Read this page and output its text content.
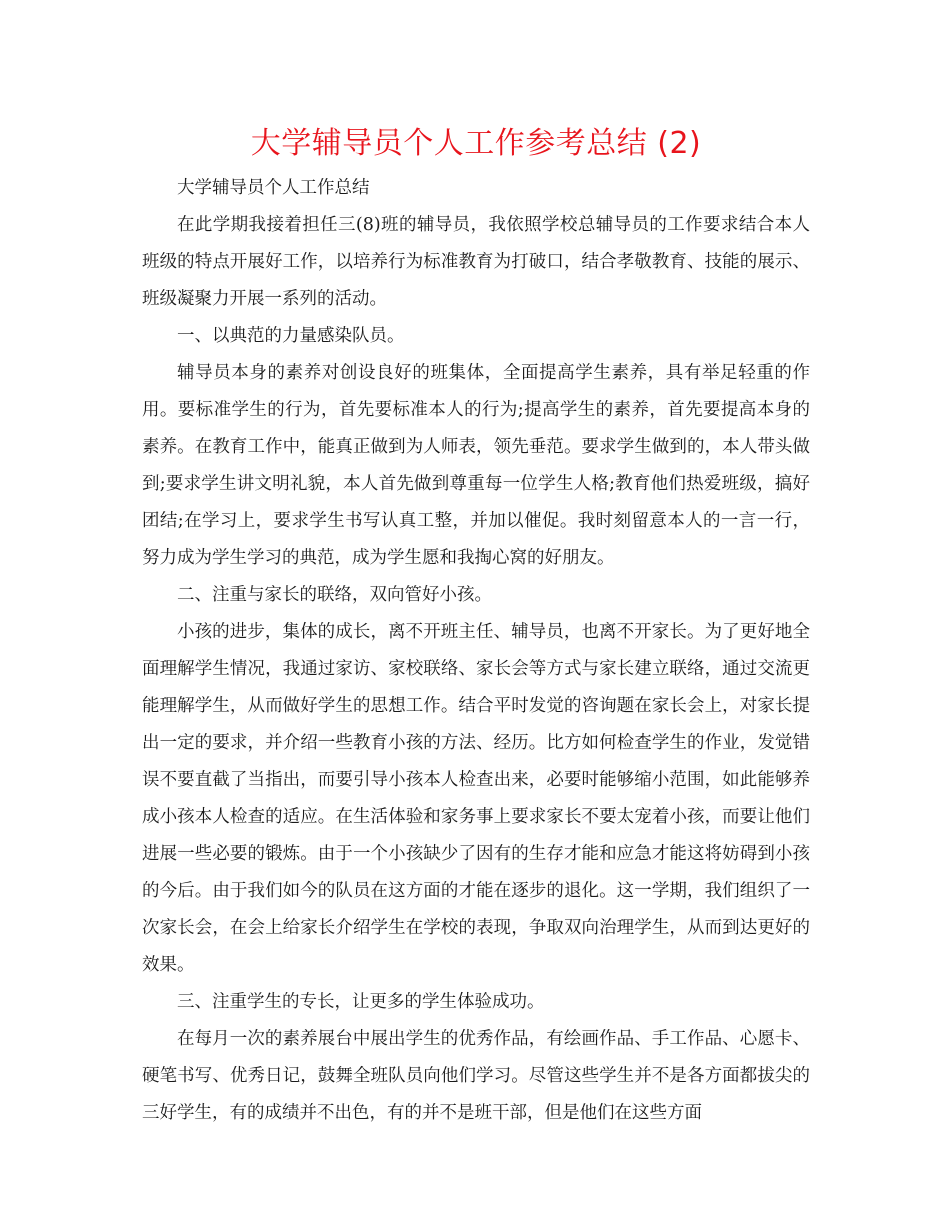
大学辅导员个人工作参考总结 (2)

大学辅导员个人工作总结

在此学期我接着担任三(8)班的辅导员，我依照学校总辅导员的工作要求结合本人班级的特点开展好工作，以培养行为标准教育为打破口，结合孝敬教育、技能的展示、班级凝聚力开展一系列的活动。

一、以典范的力量感染队员。

辅导员本身的素养对创设良好的班集体，全面提高学生素养，具有举足轻重的作用。要标准学生的行为，首先要标准本人的行为;提高学生的素养，首先要提高本身的素养。在教育工作中，能真正做到为人师表，领先垂范。要求学生做到的，本人带头做到;要求学生讲文明礼貌，本人首先做到尊重每一位学生人格;教育他们热爱班级，搞好团结;在学习上，要求学生书写认真工整，并加以催促。我时刻留意本人的一言一行，努力成为学生学习的典范，成为学生愿和我掏心窝的好朋友。

二、注重与家长的联络，双向管好小孩。

小孩的进步，集体的成长，离不开班主任、辅导员，也离不开家长。为了更好地全面理解学生情况，我通过家访、家校联络、家长会等方式与家长建立联络，通过交流更能理解学生，从而做好学生的思想工作。结合平时发觉的咨询题在家长会上，对家长提出一定的要求，并介绍一些教育小孩的方法、经历。比方如何检查学生的作业，发觉错误不要直截了当指出，而要引导小孩本人检查出来，必要时能够缩小范围，如此能够养成小孩本人检查的适应。在生活体验和家务事上要求家长不要太宠着小孩，而要让他们进展一些必要的锻炼。由于一个小孩缺少了因有的生存才能和应急才能这将妨碍到小孩的今后。由于我们如今的队员在这方面的才能在逐步的退化。这一学期，我们组织了一次家长会，在会上给家长介绍学生在学校的表现，争取双向治理学生，从而到达更好的效果。

三、注重学生的专长，让更多的学生体验成功。

在每月一次的素养展台中展出学生的优秀作品，有绘画作品、手工作品、心愿卡、硬笔书写、优秀日记，鼓舞全班队员向他们学习。尽管这些学生并不是各方面都拔尖的三好学生，有的成绩并不出色，有的并不是班干部，但是他们在这些方面
